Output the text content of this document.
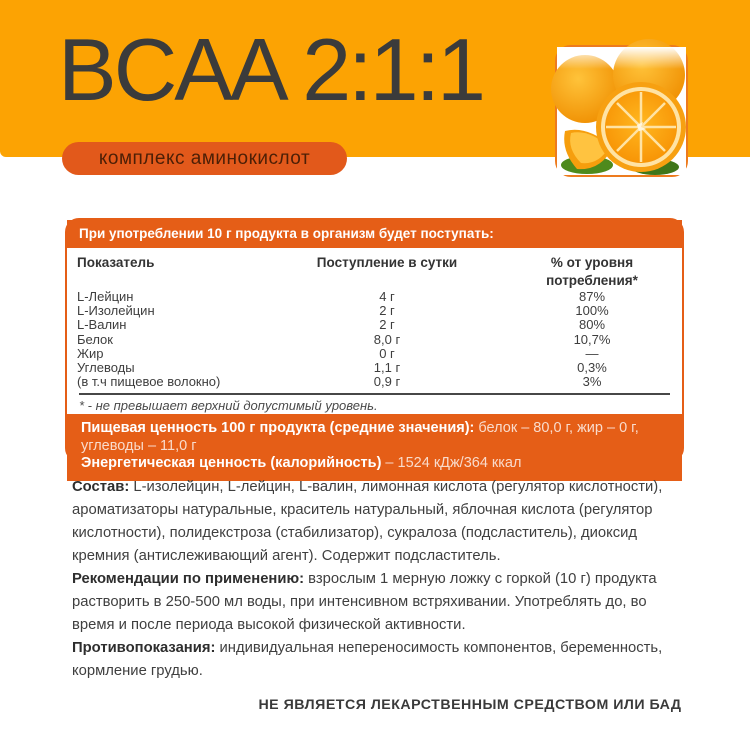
BCAA 2:1:1
комплекс аминокислот
При употреблении 10 г продукта в организм будет поступать:
Показатель	Поступление в сутки	% от уровня потребления*
L-Лейцин	4 г	87%
L-Изолейцин	2 г	100%
L-Валин	2 г	80%
Белок	8,0 г	10,7%
Жир	0 г	—
Углеводы	1,1 г	0,3%
(в т.ч пищевое волокно)	0,9 г	3%
* - не превышает верхний допустимый уровень.
Пищевая ценность 100 г продукта (средние значения): белок – 80,0 г, жир – 0 г,
углеводы – 11,0 г
Энергетическая ценность (калорийность) – 1524 кДж/364 ккал

Состав: L-изолейцин, L-лейцин, L-валин, лимонная кислота (регулятор кислотности), ароматизаторы натуральные, краситель натуральный, яблочная кислота (регулятор кислотности), полидекстроза (стабилизатор), сукралоза (подсластитель), диоксид кремния (антислеживающий агент). Содержит подсластитель.

Рекомендации по применению: взрослым 1 мерную ложку с горкой (10 г) продукта растворить в 250-500 мл воды, при интенсивном встряхивании. Употреблять до, во время и после периода высокой физической активности.

Противопоказания: индивидуальная непереносимость компонентов, беременность, кормление грудью.

НЕ ЯВЛЯЕТСЯ ЛЕКАРСТВЕННЫМ СРЕДСТВОМ ИЛИ БАД
